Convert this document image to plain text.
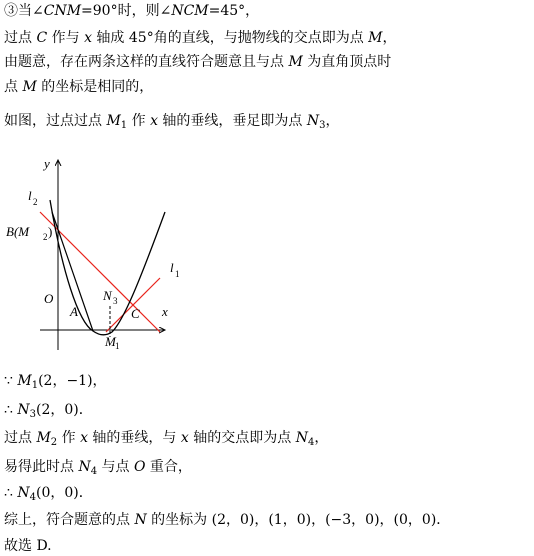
③当∠CNM=90°时，则∠NCM=45°，
过点 C 作与 x 轴成 45°角的直线，与抛物线的交点即为点 M，
由题意，存在两条这样的直线符合题意且与点 M 为直角顶点时
点 M 的坐标是相同的，
如图，过点过点 $M_1$ 作 x 轴的垂线，垂足即为点 $N_3$，
y
x
l 2
l 1
B(M 2 )
O
A
N 3
C
M 1
∵ $M_1(2$，−1)，
∴ $N_3(2$，0)．
过点 $M_2$ 作 x 轴的垂线，与 x 轴的交点即为点 $N_4$，
易得此时点 $N_4$ 与点 O 重合，
∴ $N_4(0$，0)．
综上，符合题意的点 N 的坐标为 (2，0)，(1，0)，(−3，0)，(0，0)．
故选 D.
